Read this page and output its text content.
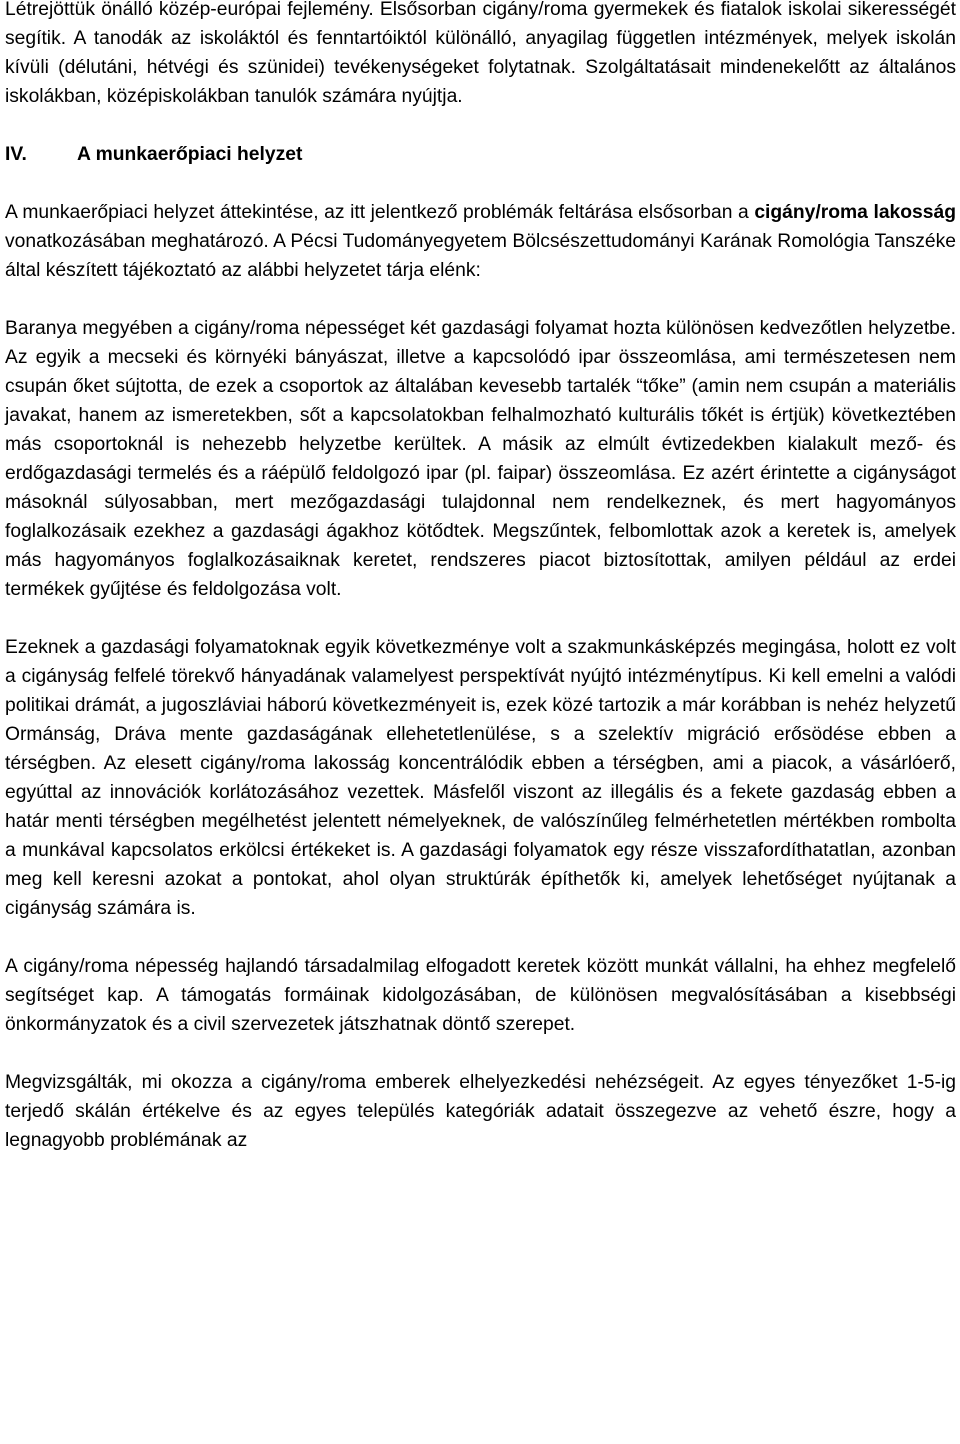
Létrejöttük önálló közép-európai fejlemény. Elsősorban cigány/roma gyermekek és fiatalok iskolai sikerességét segítik. A tanodák az iskoláktól és fenntartóiktól különálló, anyagilag független intézmények, melyek iskolán kívüli (délutáni, hétvégi és szünidei) tevékenységeket folytatnak. Szolgáltatásait mindenekelőtt az általános iskolákban, középiskolákban tanulók számára nyújtja.

IV.	A munkaerőpiaci helyzet

A munkaerőpiaci helyzet áttekintése, az itt jelentkező problémák feltárása elsősorban a cigány/roma lakosság vonatkozásában meghatározó. A Pécsi Tudományegyetem Bölcsészettudományi Karának Romológia Tanszéke által készített tájékoztató az alábbi helyzetet tárja elénk:

Baranya megyében a cigány/roma népességet két gazdasági folyamat hozta különösen kedvezőtlen helyzetbe. Az egyik a mecseki és környéki bányászat, illetve a kapcsolódó ipar összeomlása, ami természetesen nem csupán őket sújtotta, de ezek a csoportok az általában kevesebb tartalék “tőke” (amin nem csupán a materiális javakat, hanem az ismeretekben, sőt a kapcsolatokban felhalmozható kulturális tőkét is értjük) következtében más csoportoknál is nehezebb helyzetbe kerültek. A másik az elmúlt évtizedekben kialakult mező- és erdőgazdasági termelés és a ráépülő feldolgozó ipar (pl. faipar) összeomlása. Ez azért érintette a cigányságot másoknál súlyosabban, mert mezőgazdasági tulajdonnal nem rendelkeznek, és mert hagyományos foglalkozásaik ezekhez a gazdasági ágakhoz kötődtek. Megszűntek, felbomlottak azok a keretek is, amelyek más hagyományos foglalkozásaiknak keretet, rendszeres piacot biztosítottak, amilyen például az erdei termékek gyűjtése és feldolgozása volt.

Ezeknek a gazdasági folyamatoknak egyik következménye volt a szakmunkásképzés megingása, holott ez volt a cigányság felfelé törekvő hányadának valamelyest perspektívát nyújtó intézménytípus. Ki kell emelni a valódi politikai drámát, a jugoszláviai háború következményeit is, ezek közé tartozik a már korábban is nehéz helyzetű Ormánság, Dráva mente gazdaságának ellehetetlenülése, s a szelektív migráció erősödése ebben a térségben. Az elesett cigány/roma lakosság koncentrálódik ebben a térségben, ami a piacok, a vásárlóerő, egyúttal az innovációk korlátozásához vezettek. Másfelől viszont az illegális és a fekete gazdaság ebben a határ menti térségben megélhetést jelentett némelyeknek, de valószínűleg felmérhetetlen mértékben rombolta a munkával kapcsolatos erkölcsi értékeket is. A gazdasági folyamatok egy része visszafordíthatatlan, azonban meg kell keresni azokat a pontokat, ahol olyan struktúrák építhetők ki, amelyek lehetőséget nyújtanak a cigányság számára is.

A cigány/roma népesség hajlandó társadalmilag elfogadott keretek között munkát vállalni, ha ehhez megfelelő segítséget kap. A támogatás formáinak kidolgozásában, de különösen megvalósításában a kisebbségi önkormányzatok és a civil szervezetek játszhatnak döntő szerepet.

Megvizsgálták, mi okozza a cigány/roma emberek elhelyezkedési nehézségeit. Az egyes tényezőket 1-5-ig terjedő skálán értékelve és az egyes település kategóriák adatait összegezve az vehető észre, hogy a legnagyobb problémának az
